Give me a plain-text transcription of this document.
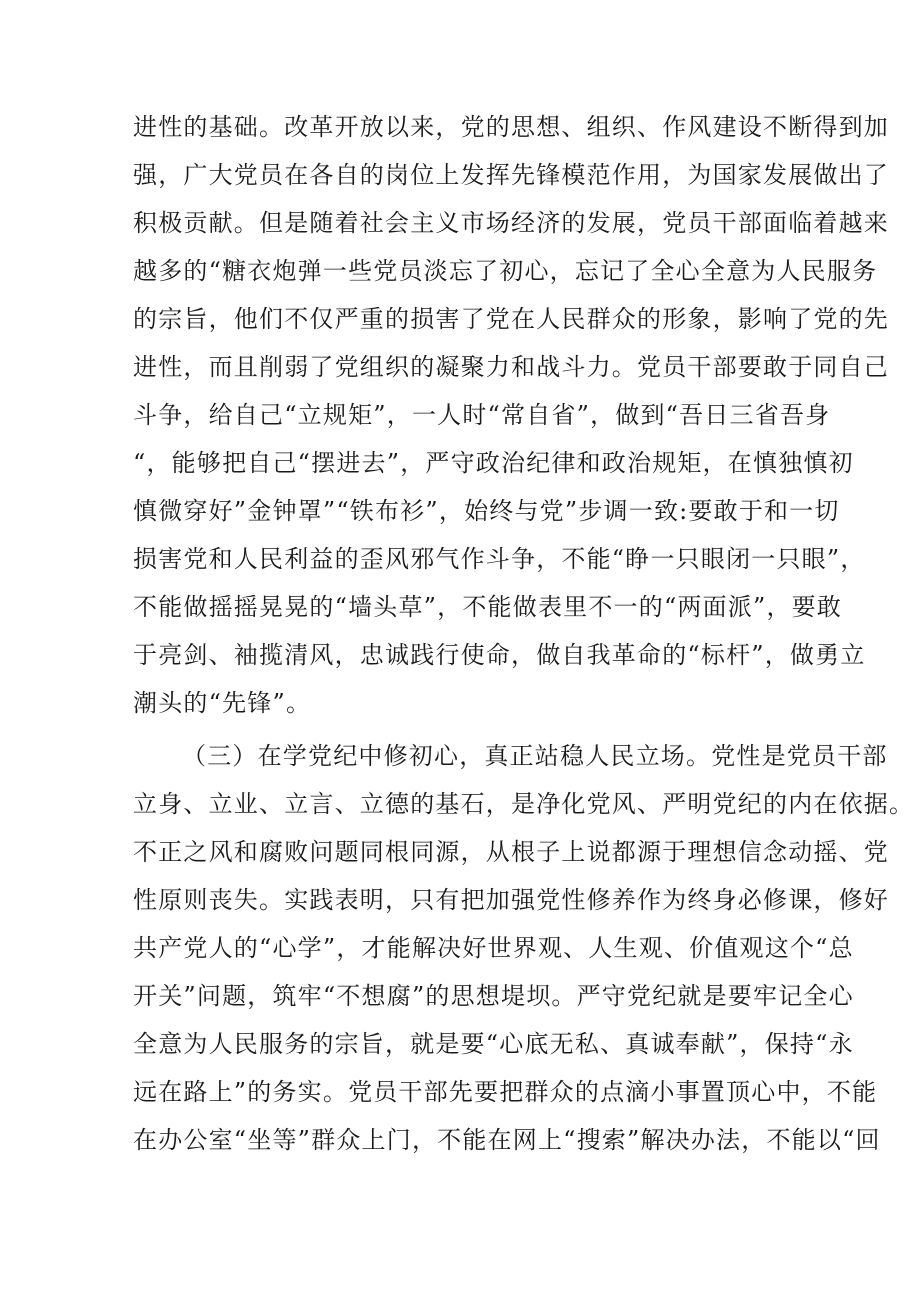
进性的基础。改革开放以来，党的思想、组织、作风建设不断得到加
强，广大党员在各自的岗位上发挥先锋模范作用，为国家发展做出了
积极贡献。但是随着社会主义市场经济的发展，党员干部面临着越来
越多的“糖衣炮弹一些党员淡忘了初心，忘记了全心全意为人民服务
的宗旨，他们不仅严重的损害了党在人民群众的形象，影响了党的先
进性，而且削弱了党组织的凝聚力和战斗力。党员干部要敢于同自己
斗争，给自己“立规矩”，一人时“常自省”，做到“吾日三省吾身
“，能够把自己“摆进去”，严守政治纪律和政治规矩，在慎独慎初
慎微穿好”金钟罩”“铁布衫”，始终与党”步调一致:要敢于和一切
损害党和人民利益的歪风邪气作斗争，不能“睁一只眼闭一只眼”，
不能做摇摇晃晃的“墙头草”，不能做表里不一的“两面派”，要敢
于亮剑、袖揽清风，忠诚践行使命，做自我革命的“标杆”，做勇立
潮头的“先锋”。
（三）在学党纪中修初心，真正站稳人民立场。党性是党员干部
立身、立业、立言、立德的基石，是净化党风、严明党纪的内在依据。
不正之风和腐败问题同根同源，从根子上说都源于理想信念动摇、党
性原则丧失。实践表明，只有把加强党性修养作为终身必修课，修好
共产党人的“心学”，才能解决好世界观、人生观、价值观这个“总
开关”问题，筑牢“不想腐”的思想堤坝。严守党纪就是要牢记全心
全意为人民服务的宗旨，就是要“心底无私、真诚奉献”，保持“永
远在路上”的务实。党员干部先要把群众的点滴小事置顶心中，不能
在办公室“坐等”群众上门，不能在网上“搜索”解决办法，不能以“回
